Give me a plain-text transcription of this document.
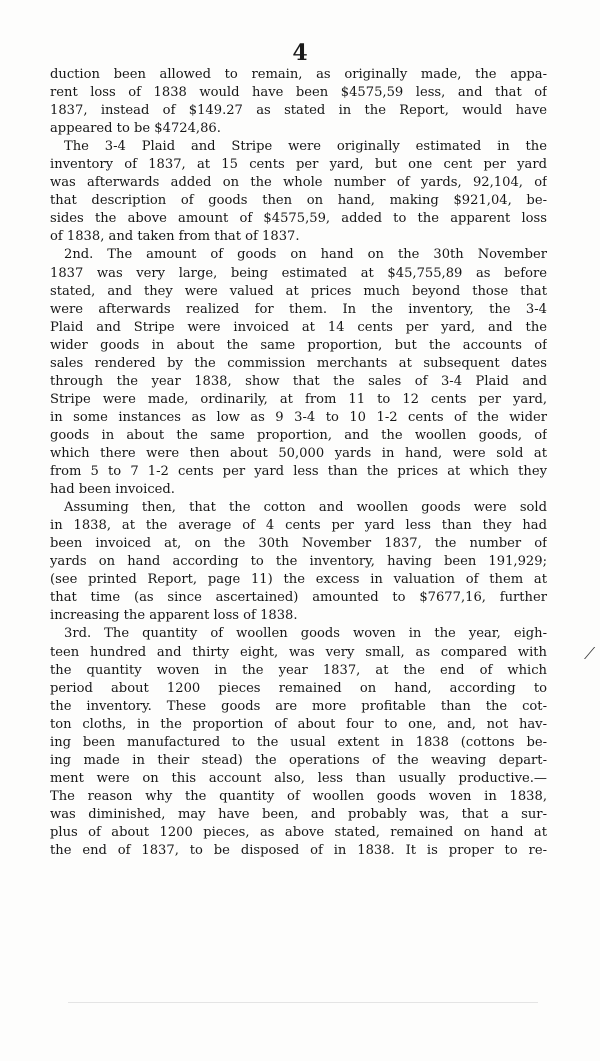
4

duction been allowed to remain, as originally made, the appa-
rent loss of 1838 would have been $4575,59 less, and that of
1837, instead of $149.27 as stated in the Report, would have
appeared to be $4724,86.

The 3-4 Plaid and Stripe were originally estimated in the
inventory of 1837, at 15 cents per yard, but one cent per yard
was afterwards added on the whole number of yards, 92,104, of
that description of goods then on hand, making $921,04, be-
sides the above amount of $4575,59, added to the apparent loss
of 1838, and taken from that of 1837.

2nd. The amount of goods on hand on the 30th November
1837 was very large, being estimated at $45,755,89 as before
stated, and they were valued at prices much beyond those that
were afterwards realized for them. In the inventory, the 3-4
Plaid and Stripe were invoiced at 14 cents per yard, and the
wider goods in about the same proportion, but the accounts of
sales rendered by the commission merchants at subsequent dates
through the year 1838, show that the sales of 3-4 Plaid and
Stripe were made, ordinarily, at from 11 to 12 cents per yard,
in some instances as low as 9 3-4 to 10 1-2 cents of the wider
goods in about the same proportion, and the woollen goods, of
which there were then about 50,000 yards in hand, were sold at
from 5 to 7 1-2 cents per yard less than the prices at which they
had been invoiced.

Assuming then, that the cotton and woollen goods were sold
in 1838, at the average of 4 cents per yard less than they had
been invoiced at, on the 30th November 1837, the number of
yards on hand according to the inventory, having been 191,929;
(see printed Report, page 11) the excess in valuation of them at
that time (as since ascertained) amounted to $7677,16, further
increasing the apparent loss of 1838.

3rd. The quantity of woollen goods woven in the year, eigh-
teen hundred and thirty eight, was very small, as compared with
the quantity woven in the year 1837, at the end of which
period about 1200 pieces remained on hand, according to
the inventory. These goods are more profitable than the cot-
ton cloths, in the proportion of about four to one, and, not hav-
ing been manufactured to the usual extent in 1838 (cottons be-
ing made in their stead) the operations of the weaving depart-
ment were on this account also, less than usually productive.—
The reason why the quantity of woollen goods woven in 1838,
was diminished, may have been, and probably was, that a sur-
plus of about 1200 pieces, as above stated, remained on hand at
the end of 1837, to be disposed of in 1838. It is proper to re-

⟋
